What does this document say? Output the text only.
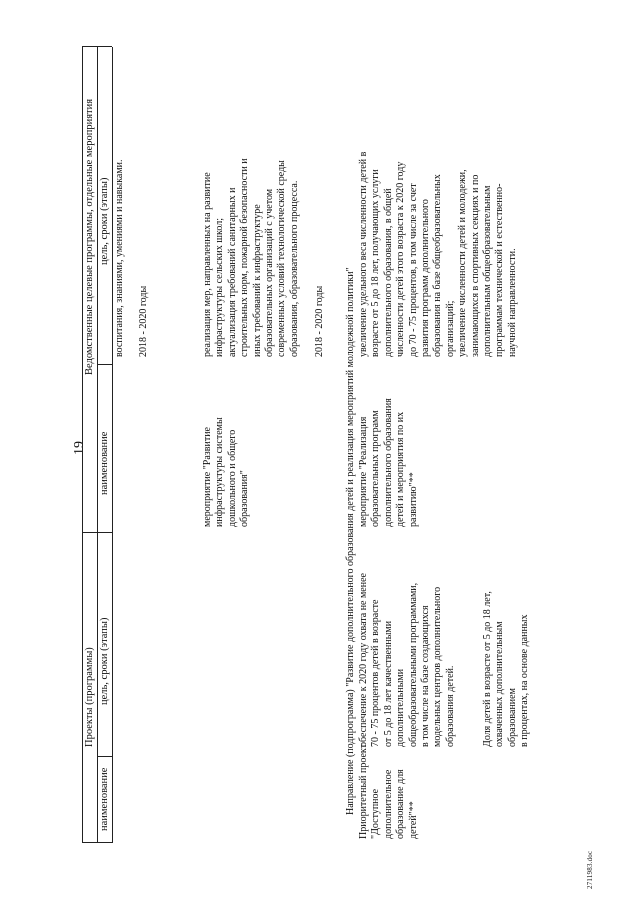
19
Проекты (программы)
Ведомственные целевые программы, отдельные мероприятия
наименование
цель, сроки (этапы)
наименование
цель, сроки (этапы) воспитания, знаниями, умениями и навыками. 2018 - 2020 годы
мероприятие "Развитие
инфраструктуры системы
дошкольного и общего
образования"
реализация мер, направленных на развитие
инфраструктуры сельских школ;
актуализация требований санитарных и
строительных норм, пожарной безопасности и
иных требований к инфраструктуре
образовательных организаций с учетом
современных условий технологической среды
образования, образовательного процесса.
2018 - 2020 годы Направление (подпрограмма) "Развитие дополнительного образования детей и реализация мероприятий молодежной политики" Приоритетный проект
"Доступное
дополнительное
образование для
детей"**
обеспечение к 2020 году охвата не менее
70 - 75 процентов детей в возрасте
от 5 до 18 лет качественными
дополнительными
общеобразовательными программами,
в том числе на базе создающихся
модельных центров дополнительного
образования детей.
Доля детей в возрасте от 5 до 18 лет,
охваченных дополнительным
образованием
в процентах, на основе данных
мероприятие "Реализация
образовательных программ
дополнительного образования
детей и мероприятия по их
развитию"**
увеличение удельного веса численности детей в
возрасте от 5 до 18 лет, получающих услуги
дополнительного образования, в общей
численности детей этого возраста к 2020 году
до 70 - 75 процентов, в том числе за счет
развития программ дополнительного
образования на базе общеобразовательных
организаций;
увеличение численности детей и молодежи,
занимающихся в спортивных секциях и по
дополнительным общеобразовательным
программам технической и естественно-
научной направленности.
2711983.doc
